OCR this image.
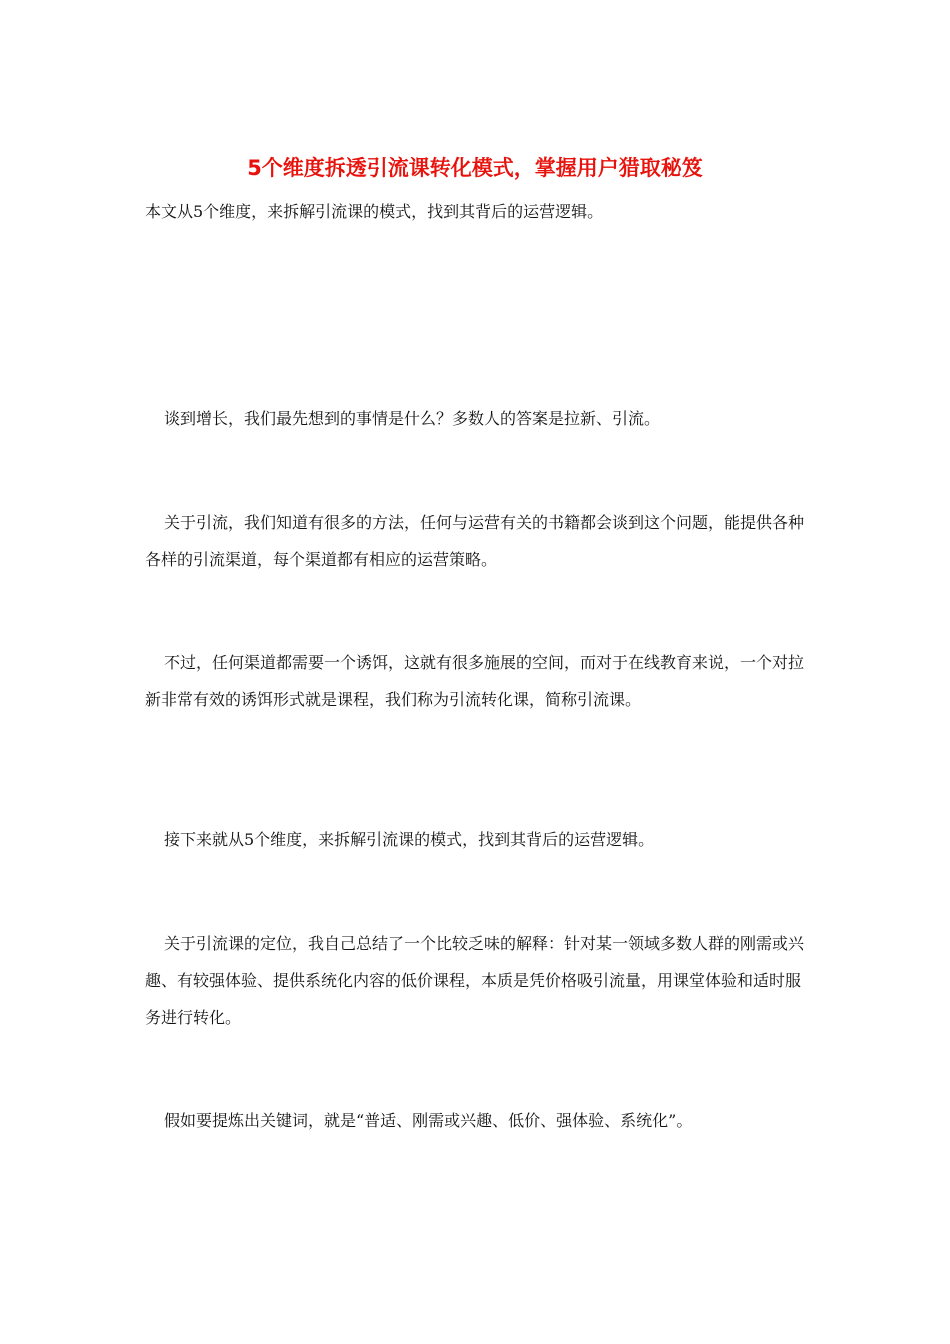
5个维度拆透引流课转化模式，掌握用户猎取秘笈

本文从5个维度，来拆解引流课的模式，找到其背后的运营逻辑。

谈到增长，我们最先想到的事情是什么？多数人的答案是拉新、引流。

关于引流，我们知道有很多的方法，任何与运营有关的书籍都会谈到这个问题，能提供各种各样的引流渠道，每个渠道都有相应的运营策略。

不过，任何渠道都需要一个诱饵，这就有很多施展的空间，而对于在线教育来说，一个对拉新非常有效的诱饵形式就是课程，我们称为引流转化课，简称引流课。

接下来就从5个维度，来拆解引流课的模式，找到其背后的运营逻辑。

关于引流课的定位，我自己总结了一个比较乏味的解释：针对某一领域多数人群的刚需或兴趣、有较强体验、提供系统化内容的低价课程，本质是凭价格吸引流量，用课堂体验和适时服务进行转化。

假如要提炼出关键词，就是“普适、刚需或兴趣、低价、强体验、系统化”。
